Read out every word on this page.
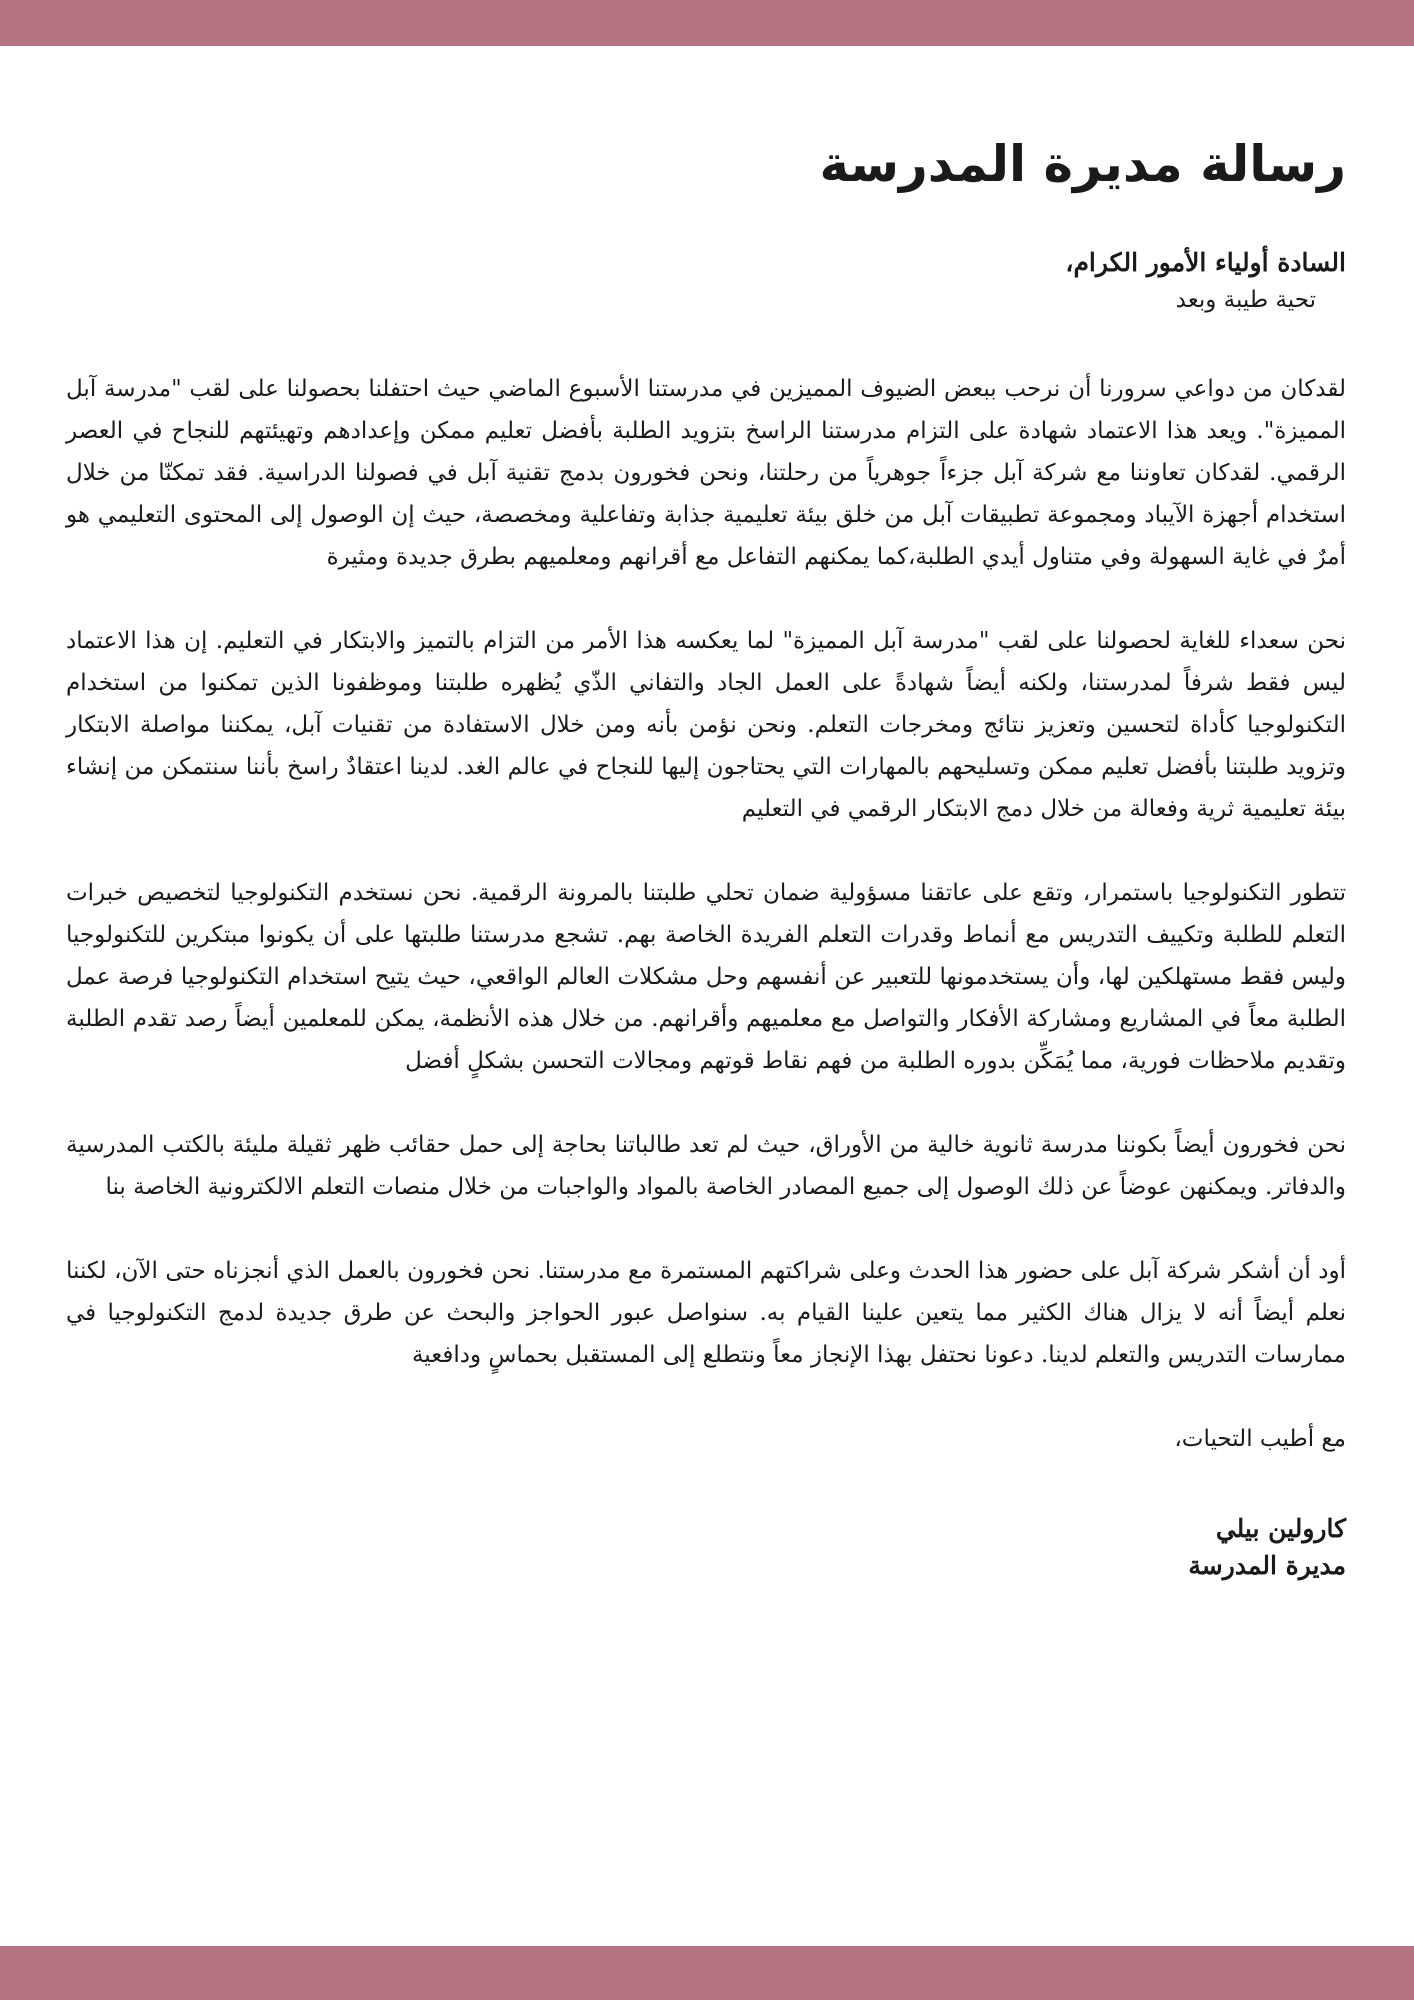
رسالة مديرة المدرسة
السادة أولياء الأمور الكرام،
تحية طيبة وبعد

لقدكان من دواعي سرورنا أن نرحب ببعض الضيوف المميزين في مدرستنا الأسبوع الماضي حيث احتفلنا بحصولنا على لقب "مدرسة آبل المميزة". ويعد هذا الاعتماد شهادة على التزام مدرستنا الراسخ بتزويد الطلبة بأفضل تعليم ممكن وإعدادهم وتهيئتهم للنجاح في العصر الرقمي. لقدكان تعاوننا مع شركة آبل جزءاً جوهرياً من رحلتنا، ونحن فخورون بدمج تقنية آبل في فصولنا الدراسية. فقد تمكنّا من خلال استخدام أجهزة الآيباد ومجموعة تطبيقات آبل من خلق بيئة تعليمية جذابة وتفاعلية ومخصصة، حيث إن الوصول إلى المحتوى التعليمي هو أمرٌ في غاية السهولة وفي متناول أيدي الطلبة،كما يمكنهم التفاعل مع أقرانهم ومعلميهم بطرق جديدة ومثيرة

نحن سعداء للغاية لحصولنا على لقب "مدرسة آبل المميزة" لما يعكسه هذا الأمر من التزام بالتميز والابتكار في التعليم. إن هذا الاعتماد ليس فقط شرفاً لمدرستنا، ولكنه أيضاً شهادةً على العمل الجاد والتفاني الذّي يُظهره طلبتنا وموظفونا الذين تمكنوا من استخدام التكنولوجيا كأداة لتحسين وتعزيز نتائج ومخرجات التعلم. ونحن نؤمن بأنه ومن خلال الاستفادة من تقنيات آبل، يمكننا مواصلة الابتكار وتزويد طلبتنا بأفضل تعليم ممكن وتسليحهم بالمهارات التي يحتاجون إليها للنجاح في عالم الغد. لدينا اعتقادٌ راسخ بأننا سنتمكن من إنشاء بيئة تعليمية ثرية وفعالة من خلال دمج الابتكار الرقمي في التعليم

تتطور التكنولوجيا باستمرار، وتقع على عاتقنا مسؤولية ضمان تحلي طلبتنا بالمرونة الرقمية. نحن نستخدم التكنولوجيا لتخصيص خبرات التعلم للطلبة وتكييف التدريس مع أنماط وقدرات التعلم الفريدة الخاصة بهم. تشجع مدرستنا طلبتها على أن يكونوا مبتكرين للتكنولوجيا وليس فقط مستهلكين لها، وأن يستخدمونها للتعبير عن أنفسهم وحل مشكلات العالم الواقعي، حيث يتيح استخدام التكنولوجيا فرصة عمل الطلبة معاً في المشاريع ومشاركة الأفكار والتواصل مع معلميهم وأقرانهم. من خلال هذه الأنظمة، يمكن للمعلمين أيضاً رصد تقدم الطلبة وتقديم ملاحظات فورية، مما يُمَكِّن بدوره الطلبة من فهم نقاط قوتهم ومجالات التحسن بشكلٍ أفضل

نحن فخورون أيضاً بكوننا مدرسة ثانوية خالية من الأوراق، حيث لم تعد طالباتنا بحاجة إلى حمل حقائب ظهر ثقيلة مليئة بالكتب المدرسية والدفاتر. ويمكنهن عوضاً عن ذلك الوصول إلى جميع المصادر الخاصة بالمواد والواجبات من خلال منصات التعلم الالكترونية الخاصة بنا

أود أن أشكر شركة آبل على حضور هذا الحدث وعلى شراكتهم المستمرة مع مدرستنا. نحن فخورون بالعمل الذي أنجزناه حتى الآن، لكننا نعلم أيضاً أنه لا يزال هناك الكثير مما يتعين علينا القيام به. سنواصل عبور الحواجز والبحث عن طرق جديدة لدمج التكنولوجيا في ممارسات التدريس والتعلم لدينا. دعونا نحتفل بهذا الإنجاز معاً ونتطلع إلى المستقبل بحماسٍ ودافعية

مع أطيب التحيات،
كارولين بيلي
مديرة المدرسة
